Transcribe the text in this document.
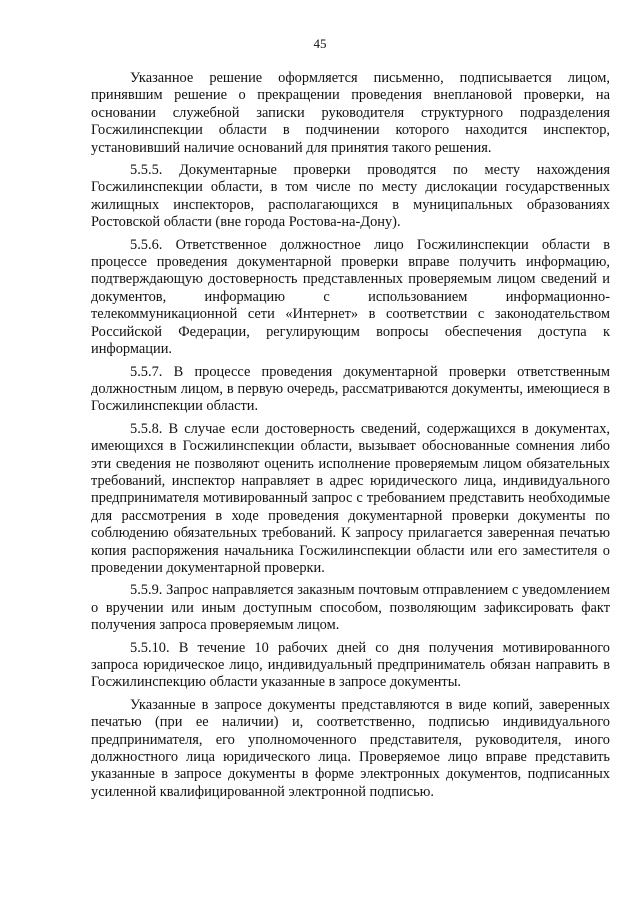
45

Указанное решение оформляется письменно, подписывается лицом, принявшим решение о прекращении проведения внеплановой проверки, на основании служебной записки руководителя структурного подразделения Госжилинспекции области в подчинении которого находится инспектор, установивший наличие оснований для принятия такого решения.

5.5.5. Документарные проверки проводятся по месту нахождения Госжилинспекции области, в том числе по месту дислокации государственных жилищных инспекторов, располагающихся в муниципальных образованиях Ростовской области (вне города Ростова-на-Дону).

5.5.6. Ответственное должностное лицо Госжилинспекции области в процессе проведения документарной проверки вправе получить информацию, подтверждающую достоверность представленных проверяемым лицом сведений и документов, информацию с использованием информационно-телекоммуникационной сети «Интернет» в соответствии с законодательством Российской Федерации, регулирующим вопросы обеспечения доступа к информации.

5.5.7. В процессе проведения документарной проверки ответственным должностным лицом, в первую очередь, рассматриваются документы, имеющиеся в Госжилинспекции области.

5.5.8. В случае если достоверность сведений, содержащихся в документах, имеющихся в Госжилинспекции области, вызывает обоснованные сомнения либо эти сведения не позволяют оценить исполнение проверяемым лицом обязательных требований, инспектор направляет в адрес юридического лица, индивидуального предпринимателя мотивированный запрос с требованием представить необходимые для рассмотрения в ходе проведения документарной проверки документы по соблюдению обязательных требований. К запросу прилагается заверенная печатью копия распоряжения начальника Госжилинспекции области или его заместителя о проведении документарной проверки.

5.5.9. Запрос направляется заказным почтовым отправлением с уведомлением о вручении или иным доступным способом, позволяющим зафиксировать факт получения запроса проверяемым лицом.

5.5.10. В течение 10 рабочих дней со дня получения мотивированного запроса юридическое лицо, индивидуальный предприниматель обязан направить в Госжилинспекцию области указанные в запросе документы.

Указанные в запросе документы представляются в виде копий, заверенных печатью (при ее наличии) и, соответственно, подписью индивидуального предпринимателя, его уполномоченного представителя, руководителя, иного должностного лица юридического лица. Проверяемое лицо вправе представить указанные в запросе документы в форме электронных документов, подписанных усиленной квалифицированной электронной подписью.
